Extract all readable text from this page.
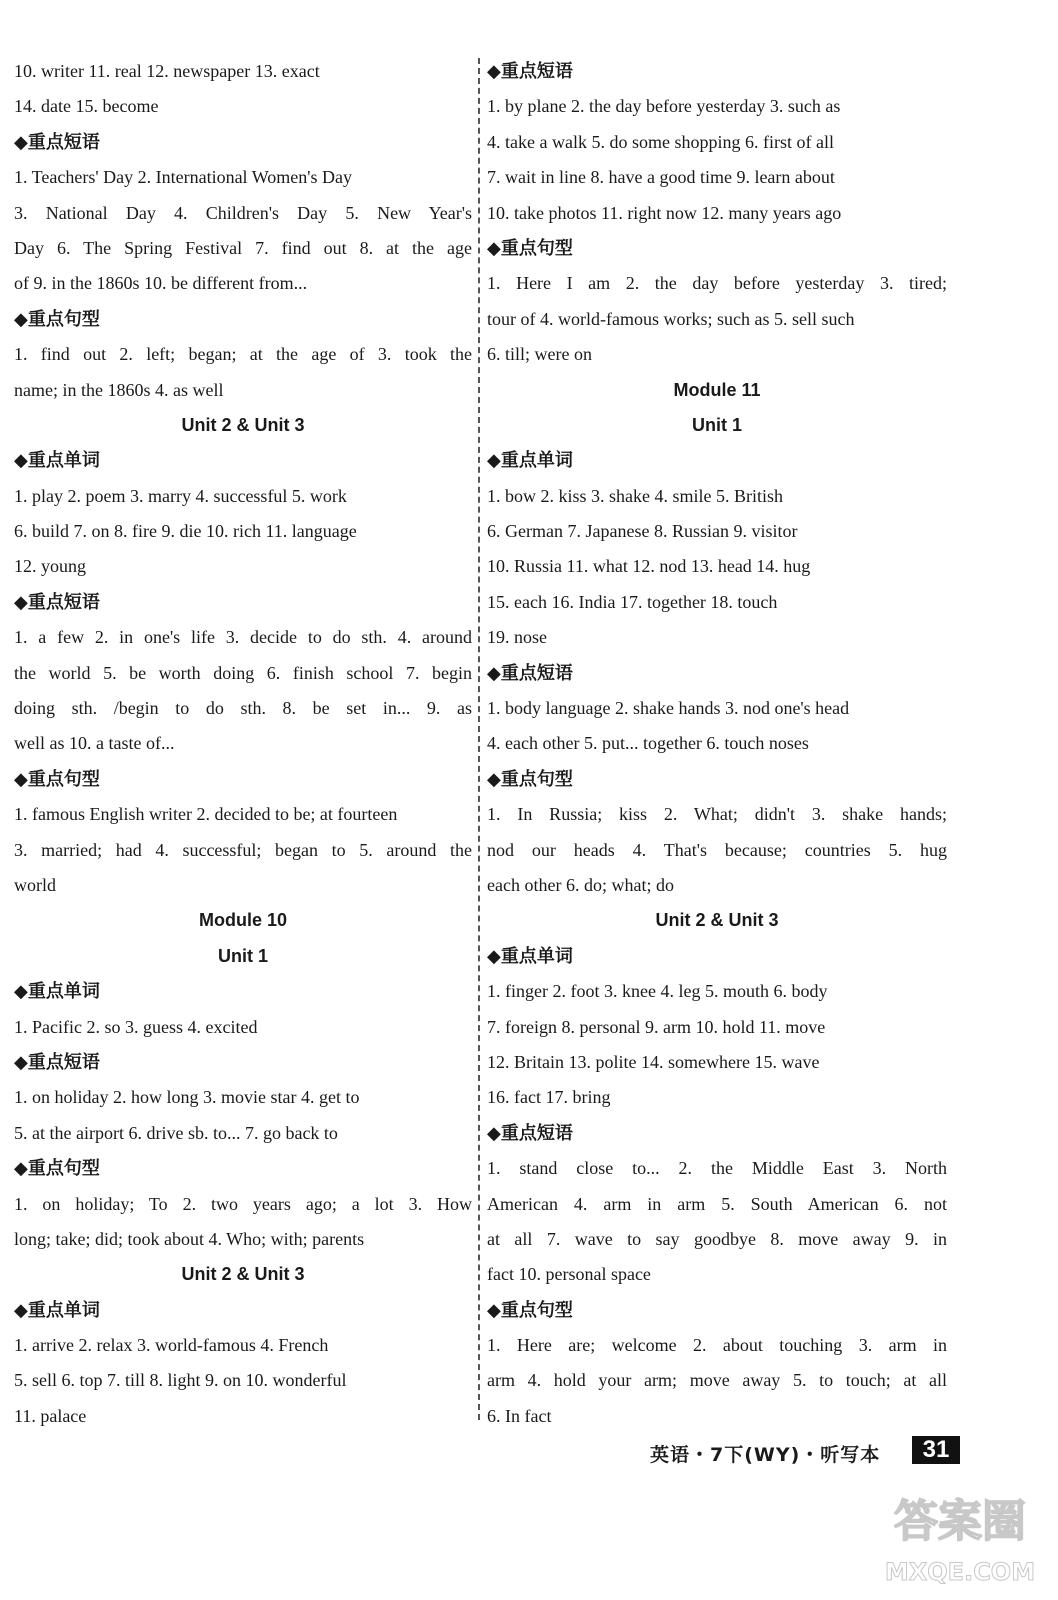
10. writer 11. real 12. newspaper 13. exact
14. date 15. become
◆重点短语
1. Teachers' Day 2. International Women's Day
3. National Day 4. Children's Day 5. New Year's
Day 6. The Spring Festival 7. find out 8. at the age
of 9. in the 1860s 10. be different from...
◆重点句型
1. find out 2. left; began; at the age of 3. took the
name; in the 1860s 4. as well
Unit 2 & Unit 3
◆重点单词
1. play 2. poem 3. marry 4. successful 5. work
6. build 7. on 8. fire 9. die 10. rich 11. language
12. young
◆重点短语
1. a few 2. in one's life 3. decide to do sth. 4. around
the world 5. be worth doing 6. finish school 7. begin
doing sth. /begin to do sth. 8. be set in... 9. as
well as 10. a taste of...
◆重点句型
1. famous English writer 2. decided to be; at fourteen
3. married; had 4. successful; began to 5. around the
world
Module 10
Unit 1
◆重点单词
1. Pacific 2. so 3. guess 4. excited
◆重点短语
1. on holiday 2. how long 3. movie star 4. get to
5. at the airport 6. drive sb. to... 7. go back to
◆重点句型
1. on holiday; To 2. two years ago; a lot 3. How
long; take; did; took about 4. Who; with; parents
Unit 2 & Unit 3
◆重点单词
1. arrive 2. relax 3. world-famous 4. French
5. sell 6. top 7. till 8. light 9. on 10. wonderful
11. palace
◆重点短语
1. by plane 2. the day before yesterday 3. such as
4. take a walk 5. do some shopping 6. first of all
7. wait in line 8. have a good time 9. learn about
10. take photos 11. right now 12. many years ago
◆重点句型
1. Here I am 2. the day before yesterday 3. tired;
tour of 4. world-famous works; such as 5. sell such
6. till; were on
Module 11
Unit 1
◆重点单词
1. bow 2. kiss 3. shake 4. smile 5. British
6. German 7. Japanese 8. Russian 9. visitor
10. Russia 11. what 12. nod 13. head 14. hug
15. each 16. India 17. together 18. touch
19. nose
◆重点短语
1. body language 2. shake hands 3. nod one's head
4. each other 5. put... together 6. touch noses
◆重点句型
1. In Russia; kiss 2. What; didn't 3. shake hands;
nod our heads 4. That's because; countries 5. hug
each other 6. do; what; do
Unit 2 & Unit 3
◆重点单词
1. finger 2. foot 3. knee 4. leg 5. mouth 6. body
7. foreign 8. personal 9. arm 10. hold 11. move
12. Britain 13. polite 14. somewhere 15. wave
16. fact 17. bring
◆重点短语
1. stand close to... 2. the Middle East 3. North
American 4. arm in arm 5. South American 6. not
at all 7. wave to say goodbye 8. move away 9. in
fact 10. personal space
◆重点句型
1. Here are; welcome 2. about touching 3. arm in
arm 4. hold your arm; move away 5. to touch; at all
6. In fact
英语・7下(WY)・听写本	31
答案圈
MXQE.COM
